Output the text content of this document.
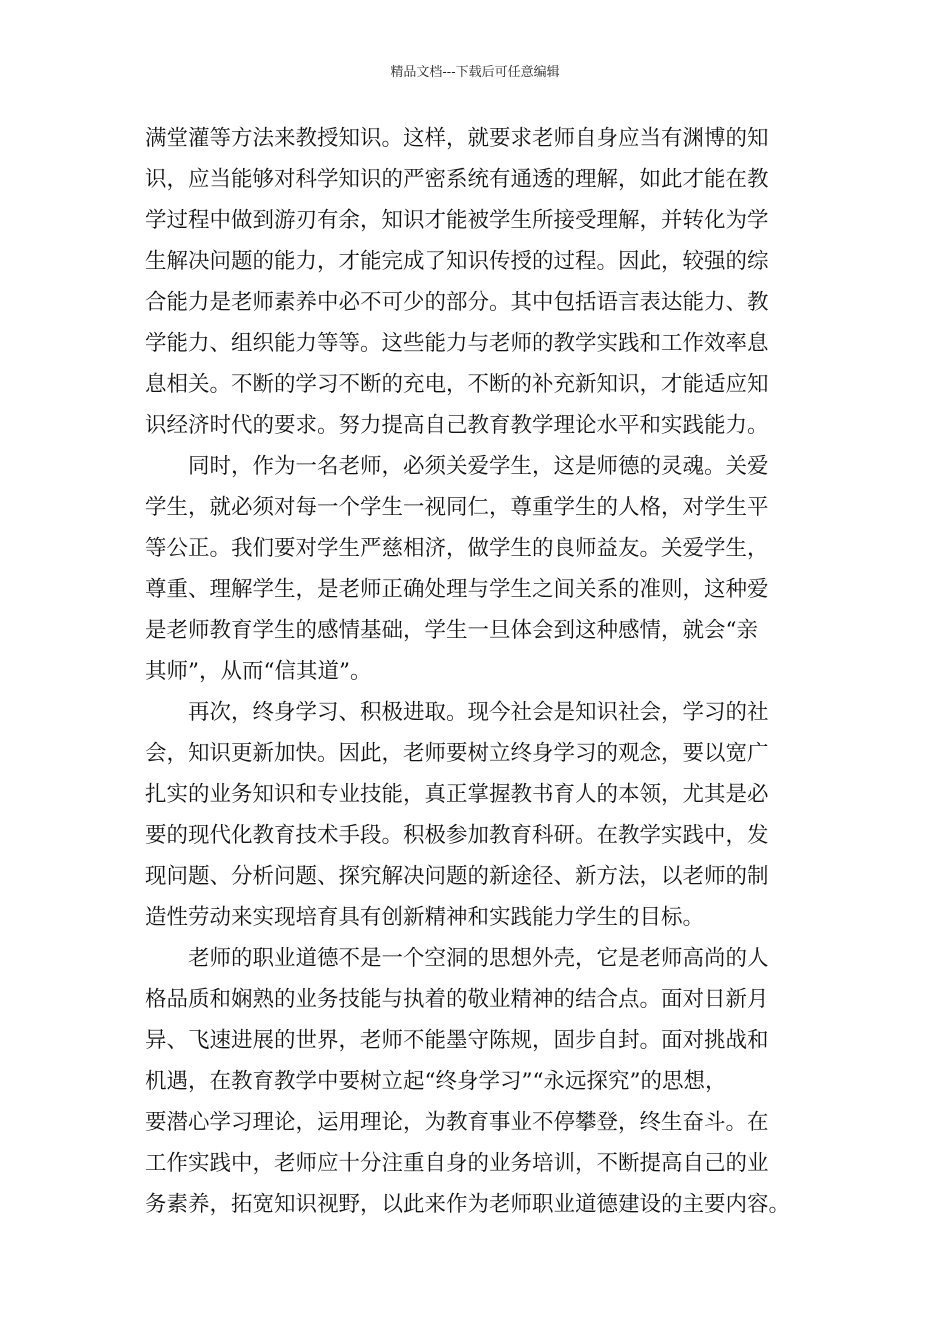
精品文档---下载后可任意编辑
满堂灌等方法来教授知识。这样，就要求老师自身应当有渊博的知
识，应当能够对科学知识的严密系统有通透的理解，如此才能在教
学过程中做到游刃有余，知识才能被学生所接受理解，并转化为学
生解决问题的能力，才能完成了知识传授的过程。因此，较强的综
合能力是老师素养中必不可少的部分。其中包括语言表达能力、教
学能力、组织能力等等。这些能力与老师的教学实践和工作效率息
息相关。不断的学习不断的充电，不断的补充新知识，才能适应知
识经济时代的要求。努力提高自己教育教学理论水平和实践能力。
同时，作为一名老师，必须关爱学生，这是师德的灵魂。关爱
学生，就必须对每一个学生一视同仁，尊重学生的人格，对学生平
等公正。我们要对学生严慈相济，做学生的良师益友。关爱学生，
尊重、理解学生，是老师正确处理与学生之间关系的准则，这种爱
是老师教育学生的感情基础，学生一旦体会到这种感情，就会“亲
其师”，从而“信其道”。
再次，终身学习、积极进取。现今社会是知识社会，学习的社
会，知识更新加快。因此，老师要树立终身学习的观念，要以宽广
扎实的业务知识和专业技能，真正掌握教书育人的本领，尤其是必
要的现代化教育技术手段。积极参加教育科研。在教学实践中，发
现问题、分析问题、探究解决问题的新途径、新方法，以老师的制
造性劳动来实现培育具有创新精神和实践能力学生的目标。
老师的职业道德不是一个空洞的思想外壳，它是老师高尚的人
格品质和娴熟的业务技能与执着的敬业精神的结合点。面对日新月
异、飞速进展的世界，老师不能墨守陈规，固步自封。面对挑战和
机遇，在教育教学中要树立起“终身学习”“永远探究”的思想，
要潜心学习理论，运用理论，为教育事业不停攀登，终生奋斗。在
工作实践中，老师应十分注重自身的业务培训，不断提高自己的业
务素养，拓宽知识视野，以此来作为老师职业道德建设的主要内容。
